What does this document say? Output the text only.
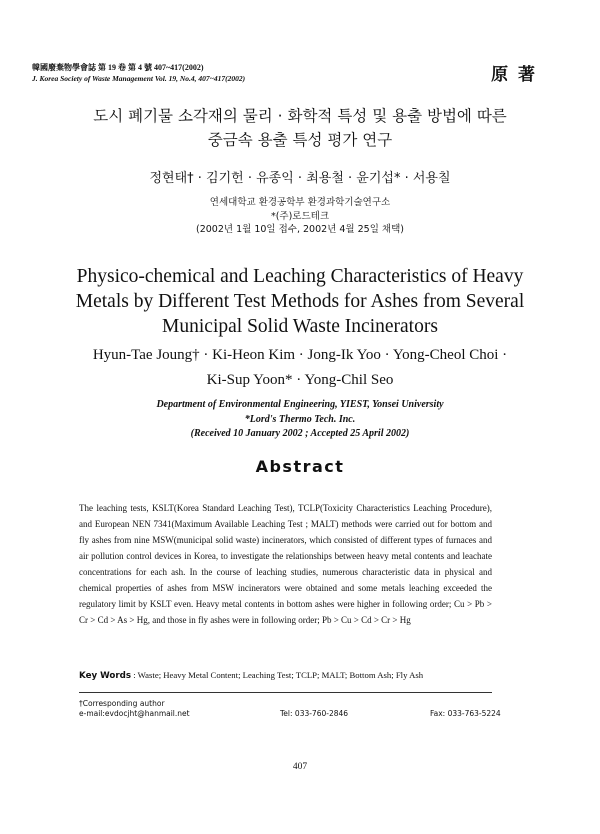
韓國廢棄物學會誌 第 19 卷 第 4 號 407~417(2002)
J. Korea Society of Waste Management Vol. 19, No.4, 407~417(2002)	原 著
도시 폐기물 소각재의 물리 · 화학적 특성 및 용출 방법에 따른
중금속 용출 특성 평가 연구
정현태† · 김기헌 · 유종익 · 최용철 · 윤기섭* · 서용칠
연세대학교 환경공학부 환경과학기술연구소
*(주)로드테크
(2002년 1월 10일 접수, 2002년 4월 25일 채택)
Physico-chemical and Leaching Characteristics of Heavy
Metals by Different Test Methods for Ashes from Several
Municipal Solid Waste Incinerators
Hyun-Tae Joung† · Ki-Heon Kim · Jong-Ik Yoo · Yong-Cheol Choi ·
Ki-Sup Yoon* · Yong-Chil Seo
Department of Environmental Engineering, YIEST, Yonsei University
*Lord's Thermo Tech. Inc.
(Received 10 January 2002 ; Accepted 25 April 2002)
Abstract
The leaching tests, KSLT(Korea Standard Leaching Test), TCLP(Toxicity Characteristics Leaching Procedure), and European NEN 7341(Maximum Available Leaching Test ; MALT) methods were carried out for bottom and fly ashes from nine MSW(municipal solid waste) incinerators, which consisted of different types of furnaces and air pollution control devices in Korea, to investigate the relationships between heavy metal contents and leachate concentrations for each ash. In the course of leaching studies, numerous characteristic data in physical and chemical properties of ashes from MSW incinerators were obtained and some metals leaching exceeded the regulatory limit by KSLT even. Heavy metal contents in bottom ashes were higher in following order; Cu > Pb > Cr > Cd > As > Hg, and those in fly ashes were in following order; Pb > Cu > Cd > Cr > Hg
Key Words : Waste; Heavy Metal Content; Leaching Test; TCLP; MALT; Bottom Ash; Fly Ash
†Corresponding author
e-mail:evdocjht@hanmail.net	Tel: 033-760-2846	Fax: 033-763-5224
407
